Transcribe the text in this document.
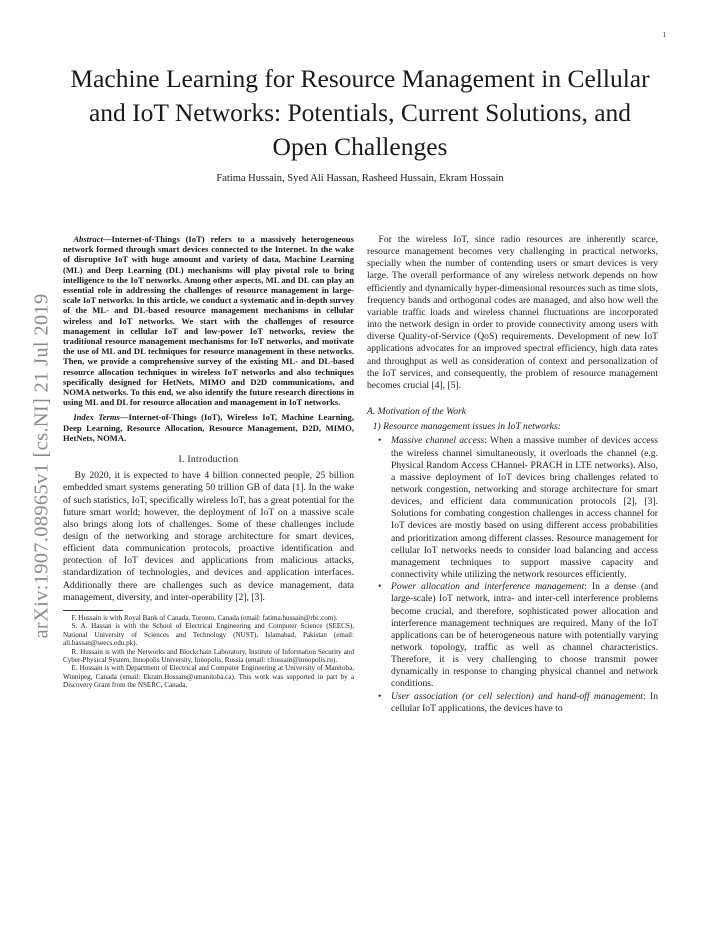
1
arXiv:1907.08965v1 [cs.NI] 21 Jul 2019
Machine Learning for Resource Management in Cellular and IoT Networks: Potentials, Current Solutions, and Open Challenges
Fatima Hussain, Syed Ali Hassan, Rasheed Hussain, Ekram Hossain

Abstract—Internet-of-Things (IoT) refers to a massively heterogeneous network formed through smart devices connected to the Internet. In the wake of disruptive IoT with huge amount and variety of data, Machine Learning (ML) and Deep Learning (DL) mechanisms will play pivotal role to bring intelligence to the IoT networks. Among other aspects, ML and DL can play an essential role in addressing the challenges of resource management in large-scale IoT networks. In this article, we conduct a systematic and in-depth survey of the ML- and DL-based resource management mechanisms in cellular wireless and IoT networks. We start with the challenges of resource management in cellular IoT and low-power IoT networks, review the traditional resource management mechanisms for IoT networks, and motivate the use of ML and DL techniques for resource management in these networks. Then, we provide a comprehensive survey of the existing ML- and DL-based resource allocation techniques in wireless IoT networks and also techniques specifically designed for HetNets, MIMO and D2D communications, and NOMA networks. To this end, we also identify the future research directions in using ML and DL for resource allocation and management in IoT networks.

Index Terms—Internet-of-Things (IoT), Wireless IoT, Machine Learning, Deep Learning, Resource Allocation, Resource Management, D2D, MIMO, HetNets, NOMA.

I. Introduction

By 2020, it is expected to have 4 billion connected people, 25 billion embedded smart systems generating 50 trillion GB of data [1]. In the wake of such statistics, IoT, specifically wireless IoT, has a great potential for the future smart world; however, the deployment of IoT on a massive scale also brings along lots of challenges. Some of these challenges include design of the networking and storage architecture for smart devices, efficient data communication protocols, proactive identification and protection of IoT devices and applications from malicious attacks, standardization of technologies, and devices and application interfaces. Additionally there are challenges such as device management, data management, diversity, and inter-operability [2], [3].

F. Hussain is with Royal Bank of Canada, Toronto, Canada (email: fatima.hussain@rbc.com).

S. A. Hassan is with the School of Electrical Engineering and Computer Science (SEECS), National University of Sciences and Technology (NUST), Islamabad, Pakistan (email: ali.hassan@seecs.edu.pk).

R. Hussain is with the Networks and Blockchain Laboratory, Institute of Information Security and Cyber-Physical System, Innopolis University, Innopolis, Russia (email: r.hussain@innopolis.ru).

E. Hossain is with Department of Electrical and Computer Engineering at University of Manitoba, Winnipeg, Canada (email: Ekram.Hossain@umanitoba.ca). This work was supported in part by a Discovery Grant from the NSERC, Canada.

For the wireless IoT, since radio resources are inherently scarce, resource management becomes very challenging in practical networks, specially when the number of contending users or smart devices is very large. The overall performance of any wireless network depends on how efficiently and dynamically hyper-dimensional resources such as time slots, frequency bands and orthogonal codes are managed, and also how well the variable traffic loads and wireless channel fluctuations are incorporated into the network design in order to provide connectivity among users with diverse Quality-of-Service (QoS) requirements. Development of new IoT applications advocates for an improved spectral efficiency, high data rates and throughput as well as consideration of context and personalization of the IoT services, and consequently, the problem of resource management becomes crucial [4], [5].

A. Motivation of the Work

1) Resource management issues in IoT networks:

• Massive channel access: When a massive number of devices access the wireless channel simultaneously, it overloads the channel (e.g. Physical Random Access CHannel- PRACH in LTE networks). Also, a massive deployment of IoT devices bring challenges related to network congestion, networking and storage architecture for smart devices, and efficient data communication protocols [2], [3]. Solutions for combating congestion challenges in access channel for IoT devices are mostly based on using different access probabilities and prioritization among different classes. Resource management for cellular IoT networks needs to consider load balancing and access management techniques to support massive capacity and connectivity while utilizing the network resources efficiently.
• Power allocation and interference management: In a dense (and large-scale) IoT network, intra- and inter-cell interference problems become crucial, and therefore, sophisticated power allocation and interference management techniques are required. Many of the IoT applications can be of heterogeneous nature with potentially varying network topology, traffic as well as channel characteristics. Therefore, it is very challenging to choose transmit power dynamically in response to changing physical channel and network conditions.
• User association (or cell selection) and hand-off management: In cellular IoT applications, the devices have to
